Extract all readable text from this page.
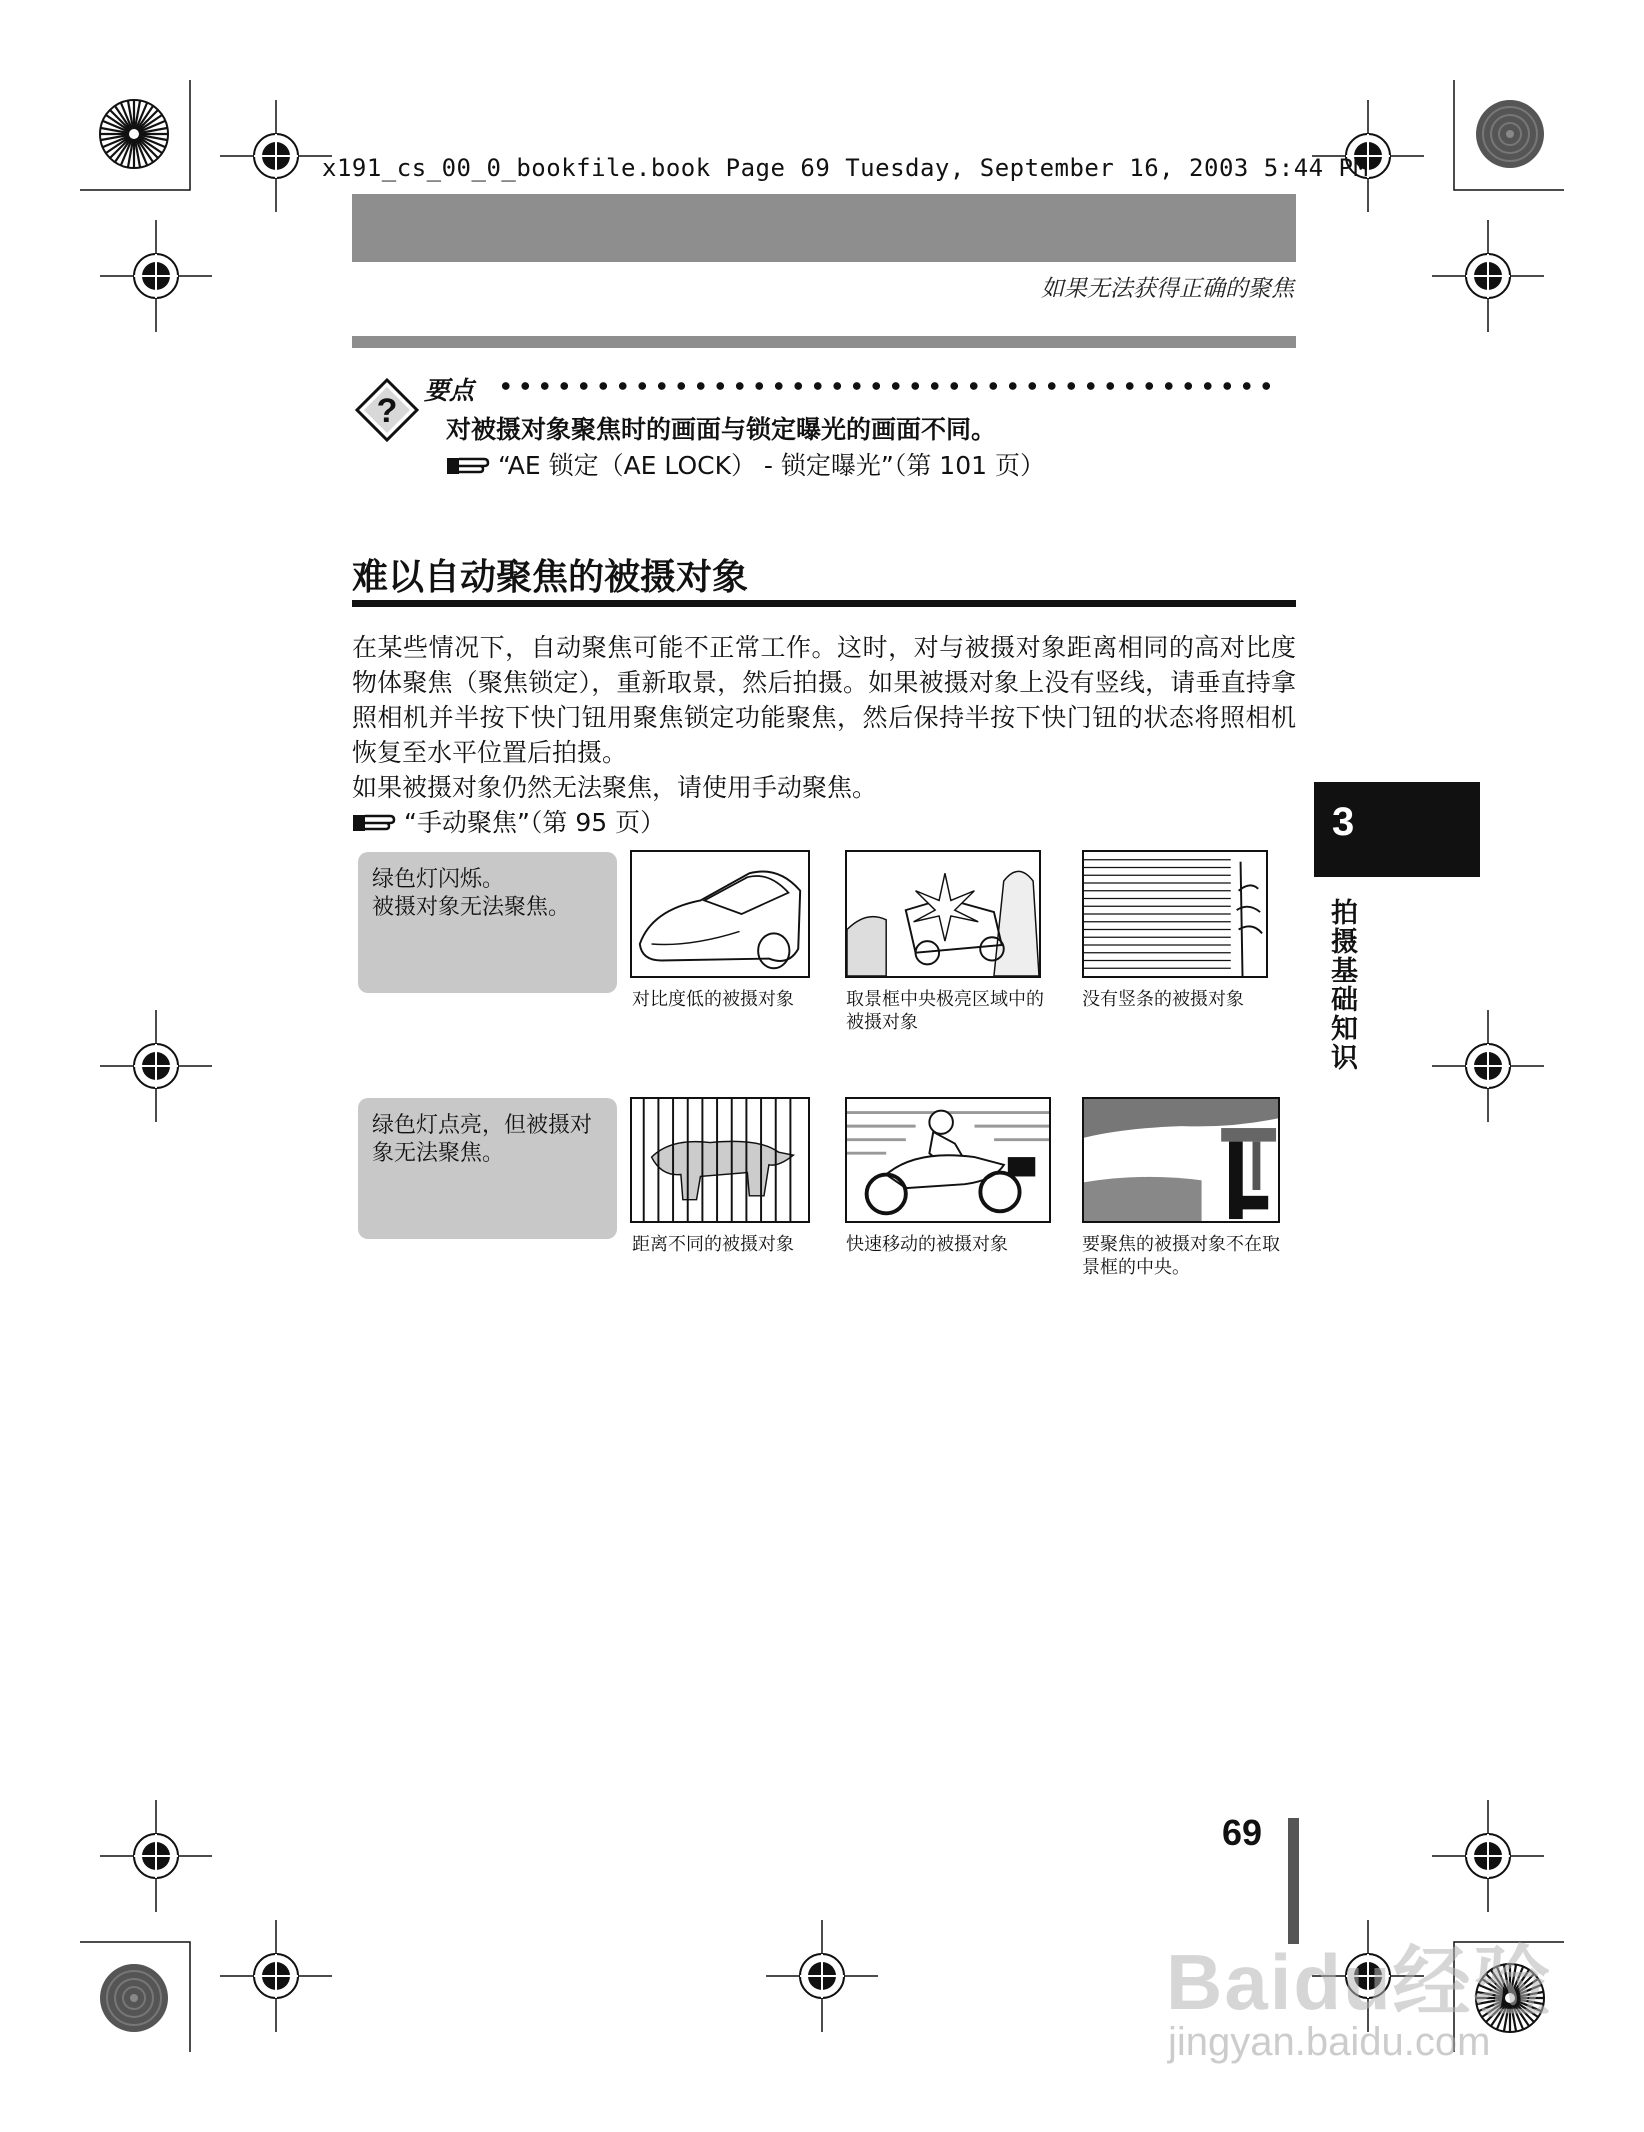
x191_cs_00_0_bookfile.book Page 69 Tuesday, September 16, 2003 5:44 PM
如果无法获得正确的聚焦
?
要点
对被摄对象聚焦时的画面与锁定曝光的画面不同。
“AE 锁定（AE LOCK） - 锁定曝光”（第 101 页）
难以自动聚焦的被摄对象

在某些情况下，自动聚焦可能不正常工作。这时，对与被摄对象距离相同的高对比度物体聚焦（聚焦锁定），重新取景，然后拍摄。如果被摄对象上没有竖线，请垂直持拿照相机并半按下快门钮用聚焦锁定功能聚焦，然后保持半按下快门钮的状态将照相机恢复至水平位置后拍摄。

如果被摄对象仍然无法聚焦，请使用手动聚焦。

“手动聚焦”（第 95 页）	3
拍摄基础知识
绿色灯闪烁。
被摄对象无法聚焦。
对比度低的被摄对象	取景框中央极亮区域中的被摄对象
没有竖条的被摄对象
绿色灯点亮，但被摄对象无法聚焦。
距离不同的被摄对象	快速移动的被摄对象	要聚焦的被摄对象不在取景框的中央。
69
Baidu经验
jingyan.baidu.com
